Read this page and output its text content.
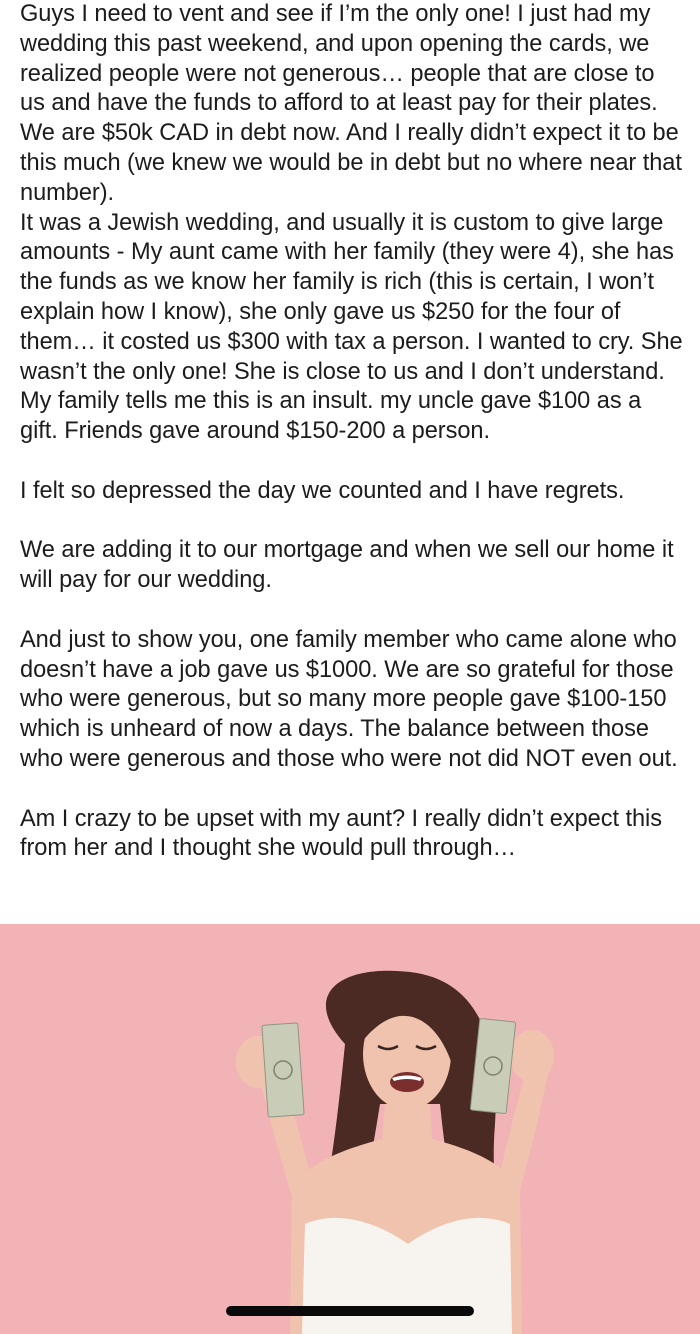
Guys I need to vent and see if I’m the only one! I just had my wedding this past weekend, and upon opening the cards, we realized people were not generous… people that are close to us and have the funds to afford to at least pay for their plates. We are $50k CAD in debt now. And I really didn’t expect it to be this much (we knew we would be in debt but no where near that number).

It was a Jewish wedding, and usually it is custom to give large amounts - My aunt came with her family (they were 4), she has the funds as we know her family is rich (this is certain, I won’t explain how I know), she only gave us $250 for the four of them… it costed us $300 with tax a person. I wanted to cry. She wasn’t the only one! She is close to us and I don’t understand. My family tells me this is an insult. my uncle gave $100 as a gift. Friends gave around $150-200 a person.

I felt so depressed the day we counted and I have regrets.

We are adding it to our mortgage and when we sell our home it will pay for our wedding.

And just to show you, one family member who came alone who doesn’t have a job gave us $1000. We are so grateful for those who were generous, but so many more people gave $100-150 which is unheard of now a days. The balance between those who were generous and those who were not did NOT even out.

Am I crazy to be upset with my aunt? I really didn’t expect this from her and I thought she would pull through…
